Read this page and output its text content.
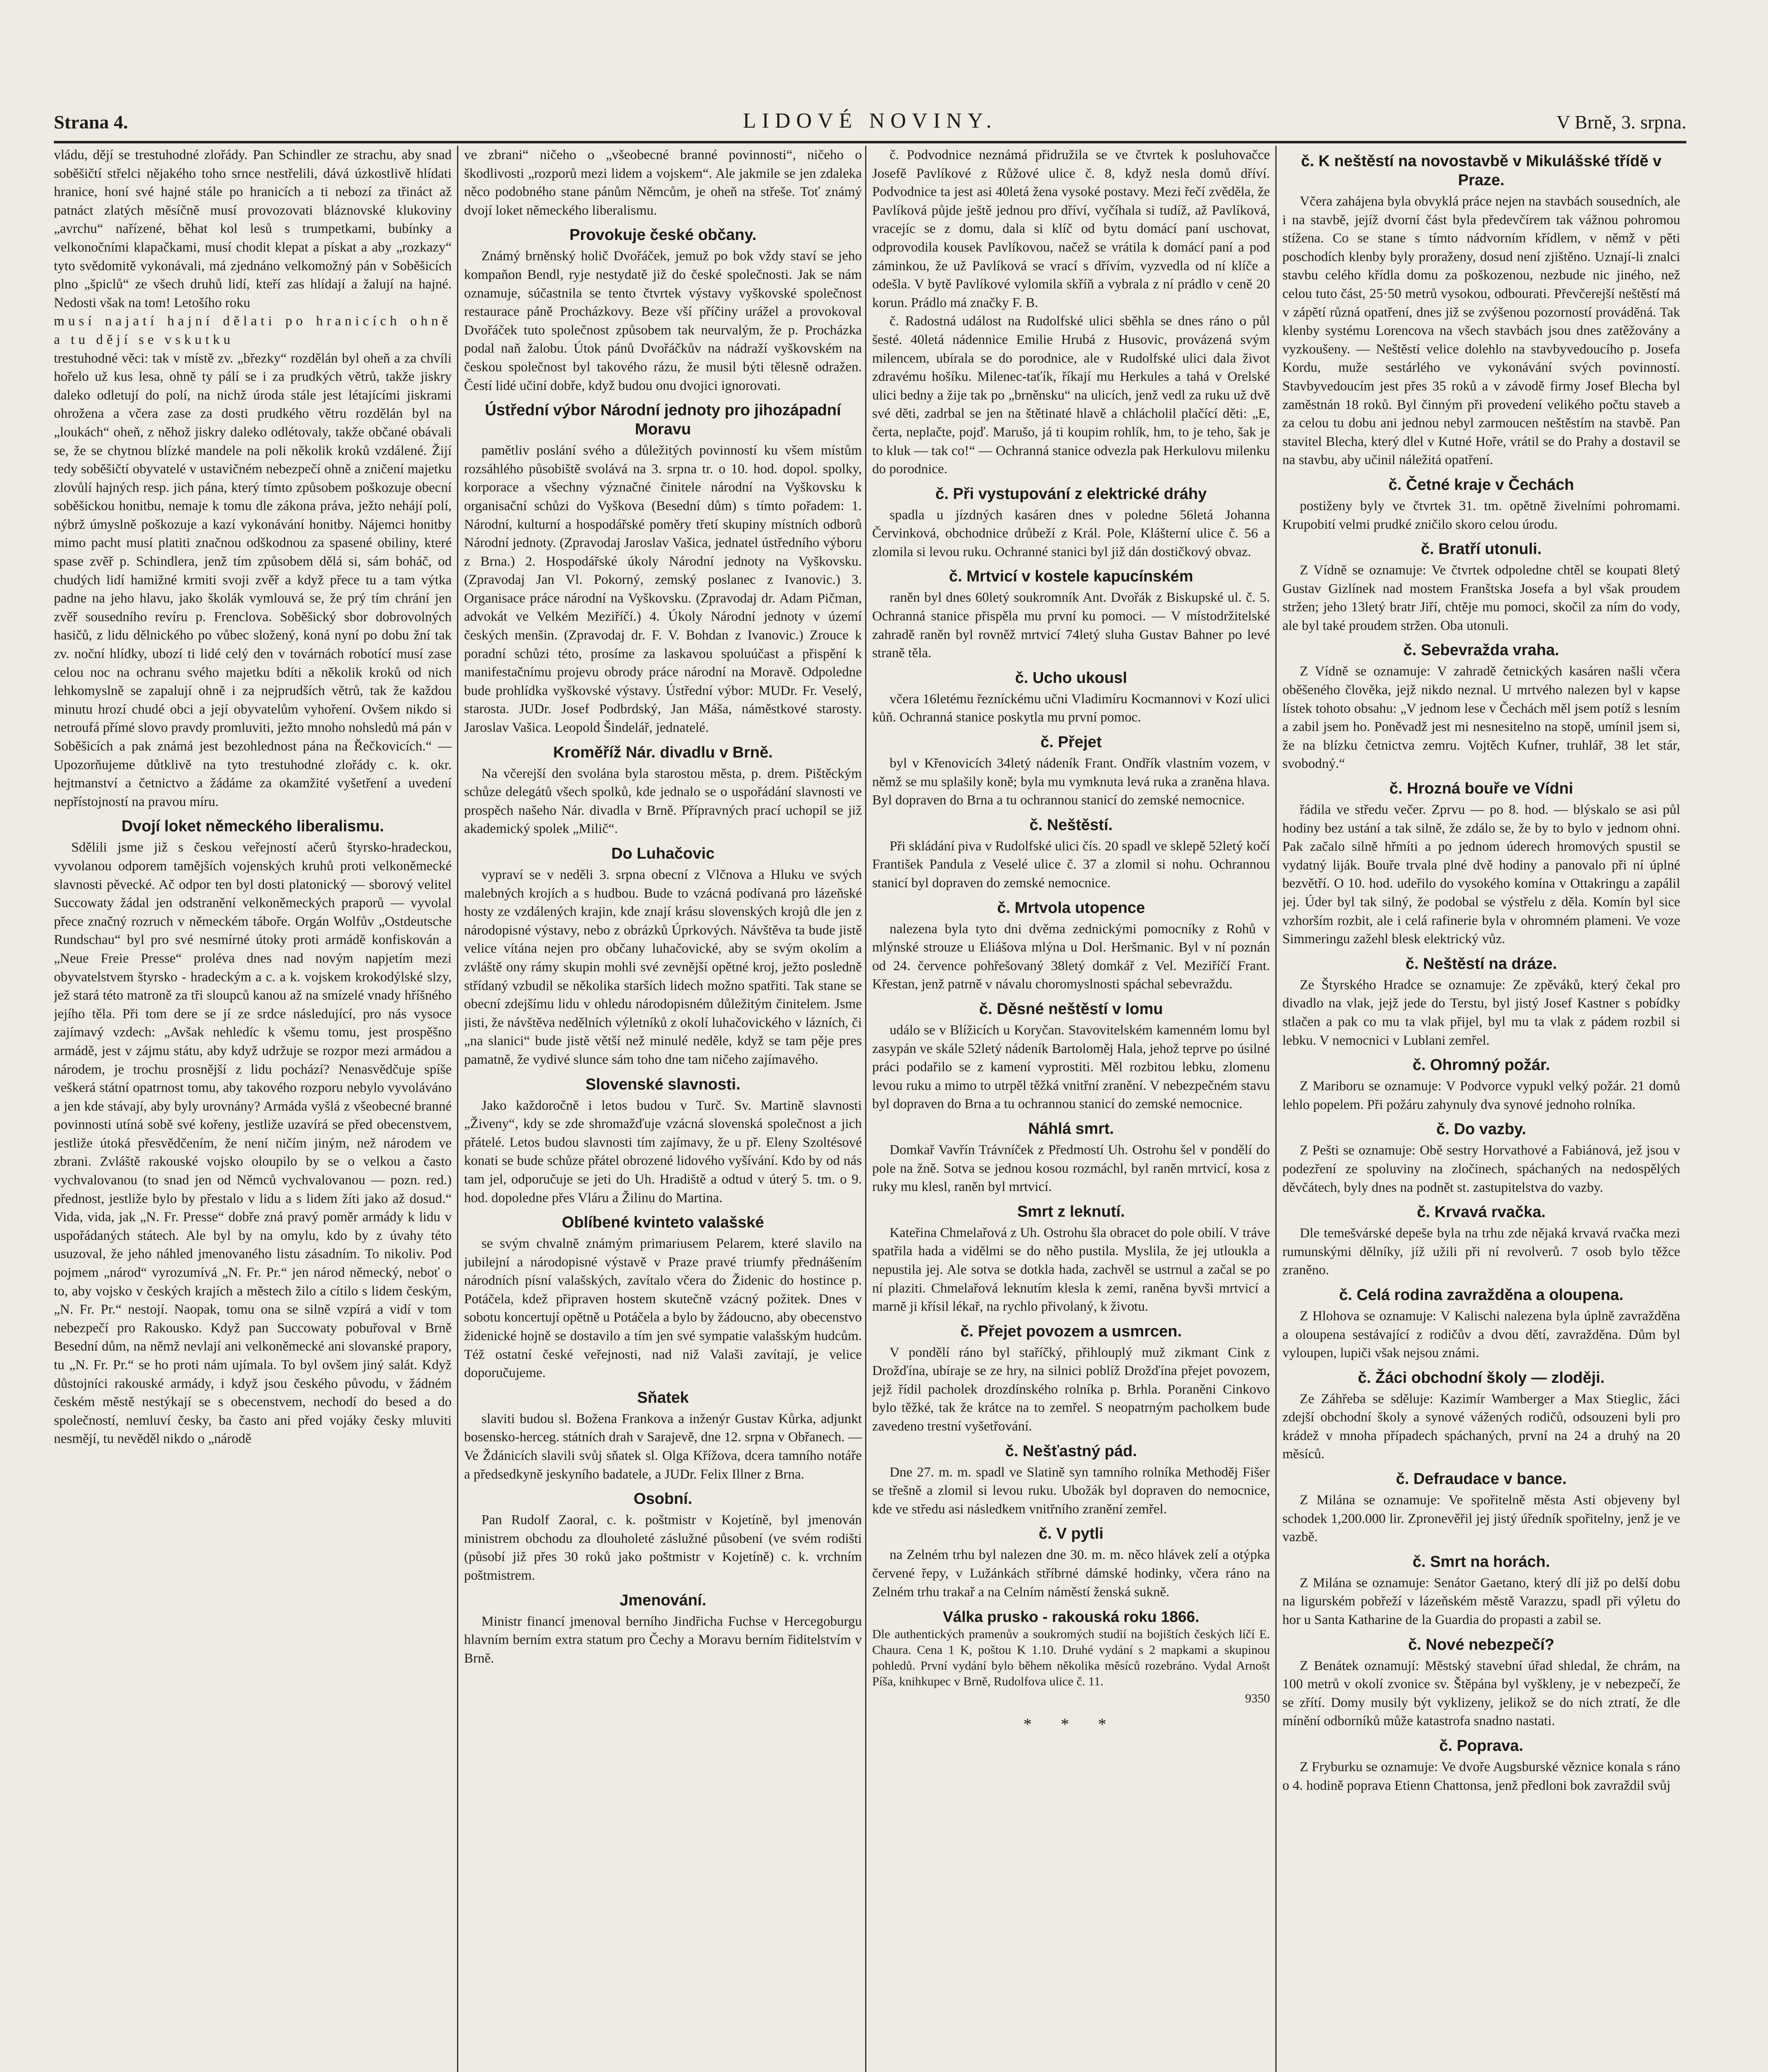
Strana 4.	LIDOVÉ NOVINY.	V Brně, 3. srpna.

vládu, dějí se trestuhodné zlořády. Pan Schindler ze strachu, aby snad soběšičtí střelci nějakého toho srnce nestřelili, dává úzkostlivě hlídati hranice, honí své hajné stále po hranicích a ti nebozí za třináct až patnáct zlatých měsíčně musí provozovati bláznovské klukoviny „avrchu“ nařízené, běhat kol lesů s trumpetkami, bubínky a velkonočními klapačkami, musí chodit klepat a pískat a aby „rozkazy“ tyto svědomitě vykonávali, má zjednáno velkomožný pán v Soběšicích plno „špiclů“ ze všech druhů lidí, kteří zas hlídají a žalují na hajné. Nedosti však na tom! Letošího roku

musí najatí hajní dělati po hranicích ohně a tu dějí se vskutku

trestuhodné věci: tak v místě zv. „březky“ rozdělán byl oheň a za chvíli hořelo už kus lesa, ohně ty pálí se i za prudkých větrů, takže jiskry daleko odletují do polí, na nichž úroda stále jest létajícími jiskrami ohrožena a včera zase za dosti prudkého větru rozdělán byl na „loukách“ oheň, z něhož jiskry daleko odlétovaly, takže občané obávali se, že se chytnou blízké mandele na poli několik kroků vzdálené. Žijí tedy soběšičtí obyvatelé v ustavičném nebezpečí ohně a zničení majetku zlovůlí hajných resp. jich pána, který tímto způsobem poškozuje obecní soběšickou honitbu, nemaje k tomu dle zákona práva, ježto nehájí polí, nýbrž úmyslně poškozuje a kazí vykonávání honitby. Nájemci honitby mimo pacht musí platiti značnou odškodnou za spasené obiliny, které spase zvěř p. Schindlera, jenž tím způsobem dělá si, sám boháč, od chudých lidí hamižné krmiti svoji zvěř a když přece tu a tam výtka padne na jeho hlavu, jako školák vymlouvá se, že prý tím chrání jen zvěř sousedního revíru p. Frenclova. Soběšický sbor dobrovolných hasičů, z lidu dělnického po vůbec složený, koná nyní po dobu žní tak zv. noční hlídky, ubozí ti lidé celý den v továrnách robotící musí zase celou noc na ochranu svého majetku bdíti a několik kroků od nich lehkomyslně se zapalují ohně i za nejprudších větrů, tak že každou minutu hrozí chudé obci a její obyvatelům vyhoření. Ovšem nikdo si netroufá přímé slovo pravdy promluviti, ježto mnoho nohsledů má pán v Soběšicích a pak známá jest bezohlednost pána na Řečkovicích.“ — Upozorňujeme důtklivě na tyto trestuhodné zlořády c. k. okr. hejtmanství a četnictvo a žádáme za okamžité vyšetření a uvedení nepřístojností na pravou míru.

Dvojí loket německého liberalismu.

Sdělili jsme již s českou veřejností ačerů štyrsko-hradeckou, vyvolanou odporem tamějších vojenských kruhů proti velkoněmecké slavnosti pěvecké. Ač odpor ten byl dosti platonický — sborový velitel Succowaty žádal jen odstranění velkoněmeckých praporů — vyvolal přece značný rozruch v německém táboře. Orgán Wolfův „Ostdeutsche Rundschau“ byl pro své nesmírné útoky proti armádě konfiskován a „Neue Freie Presse“ proléva dnes nad novým napjetím mezi obyvatelstvem štyrsko - hradeckým a c. a k. vojskem krokodýlské slzy, jež stará této matroně za tři sloupců kanou až na smízelé vnady hříšného jejího těla. Při tom dere se jí ze srdce následující, pro nás vysoce zajímavý vzdech: „Avšak nehledíc k všemu tomu, jest prospěšno armádě, jest v zájmu státu, aby když udržuje se rozpor mezi armádou a národem, je trochu prosnější z lidu pochází? Nenasvědčuje spíše veškerá státní opatrnost tomu, aby takového rozporu nebylo vyvoláváno a jen kde stávají, aby byly urovnány? Armáda vyšlá z všeobecné branné povinnosti utíná sobě své kořeny, jestliže uzavírá se před obecenstvem, jestliže útoká přesvědčením, že není ničím jiným, než národem ve zbrani. Zvláště rakouské vojsko oloupilo by se o velkou a často vychvalovanou (to snad jen od Němců vychvalovanou — pozn. red.) přednost, jestliže bylo by přestalo v lidu a s lidem žíti jako až dosud.“ Vida, vida, jak „N. Fr. Presse“ dobře zná pravý poměr armády k lidu v uspořádaných státech. Ale byl by na omylu, kdo by z úvahy této usuzoval, že jeho náhled jmenovaného listu zásadním. To nikoliv. Pod pojmem „národ“ vyrozumívá „N. Fr. Pr.“ jen národ německý, neboť o to, aby vojsko v českých krajích a městech žilo a cítilo s lidem českým, „N. Fr. Pr.“ nestojí. Naopak, tomu ona se silně vzpírá a vidí v tom nebezpečí pro Rakousko. Když pan Succowaty pobuřoval v Brně Besední dům, na němž nevlají ani velkoněmecké ani slovanské prapory, tu „N. Fr. Pr.“ se ho proti nám ujímala. To byl ovšem jiný salát. Když důstojníci rakouské armády, i když jsou českého původu, v žádném českém městě nestýkají se s obecenstvem, nechodí do besed a do společností, nemluví česky, ba často ani před vojáky česky mluviti nesmějí, tu nevěděl nikdo o „národě

ve zbrani“ ničeho o „všeobecné branné povinnosti“, ničeho o škodlivosti „rozporů mezi lidem a vojskem“. Ale jakmile se jen zdaleka něco podobného stane pánům Němcům, je oheň na střeše. Toť známý dvojí loket německého liberalismu.

Provokuje české občany.

Známý brněnský holič Dvořáček, jemuž po bok vždy staví se jeho kompaňon Bendl, ryje nestydatě již do české společnosti. Jak se nám oznamuje, súčastnila se tento čtvrtek výstavy vyškovské společnost restaurace páně Procházkovy. Beze vší příčiny urážel a provokoval Dvořáček tuto společnost způsobem tak neurvalým, že p. Procházka podal naň žalobu. Útok pánů Dvořáčkův na nádraží vyškovském na českou společnost byl takového rázu, že musil býti tělesně odražen. Čestí lidé učiní dobře, když budou onu dvojici ignorovati.

Ústřední výbor Národní jednoty pro jihozápadní Moravu

pamětliv poslání svého a důležitých povinností ku všem místům rozsáhlého působiště svolává na 3. srpna tr. o 10. hod. dopol. spolky, korporace a všechny význačné činitele národní na Vyškovsku k organisační schůzi do Vyškova (Besední dům) s tímto pořadem: 1. Národní, kulturní a hospodářské poměry třetí skupiny místních odborů Národní jednoty. (Zpravodaj Jaroslav Vašica, jednatel ústředního výboru z Brna.) 2. Hospodářské úkoly Národní jednoty na Vyškovsku. (Zpravodaj Jan Vl. Pokorný, zemský poslanec z Ivanovic.) 3. Organisace práce národní na Vyškovsku. (Zpravodaj dr. Adam Pičman, advokát ve Velkém Meziříčí.) 4. Úkoly Národní jednoty v území českých menšin. (Zpravodaj dr. F. V. Bohdan z Ivanovic.) Zrouce k poradní schůzi této, prosíme za laskavou spoluúčast a přispění k manifestačnímu projevu obrody práce národní na Moravě. Odpoledne bude prohlídka vyškovské výstavy. Ústřední výbor: MUDr. Fr. Veselý, starosta. JUDr. Josef Podbrdský, Jan Máša, náměstkové starosty. Jaroslav Vašica. Leopold Šindelář, jednatelé.

Kroměříž Nár. divadlu v Brně.

Na včerejší den svolána byla starostou města, p. drem. Pištěckým schůze delegátů všech spolků, kde jednalo se o uspořádání slavnosti ve prospěch našeho Nár. divadla v Brně. Přípravných prací uchopil se již akademický spolek „Milič“.

Do Luhačovic

vypraví se v neděli 3. srpna obecní z Vlčnova a Hluku ve svých malebných krojích a s hudbou. Bude to vzácná podívaná pro lázeňské hosty ze vzdálených krajin, kde znají krásu slovenských krojů dle jen z národopisné výstavy, nebo z obrázků Úprkových. Návštěva ta bude jistě velice vítána nejen pro občany luhačovické, aby se svým okolím a zvláště ony rámy skupin mohli své zevnější opětné kroj, ježto posledně střídaný vzbudil se několika starších lidech možno spatřiti. Tak stane se obecní zdejšímu lidu v ohledu národopisném důležitým činitelem. Jsme jisti, že návštěva nedělních výletníků z okolí luhačovického v lázních, či „na slanici“ bude jistě větší než minulé neděle, když se tam pěje pres pamatně, že vydivé slunce sám toho dne tam ničeho zajímavého.

Slovenské slavnosti.

Jako každoročně i letos budou v Turč. Sv. Martině slavnosti „Živeny“, kdy se zde shromažďuje vzácná slovenská společnost a jich přátelé. Letos budou slavnosti tím zajímavy, že u př. Eleny Szoltésové konati se bude schůze přátel obrozené lidového vyšívání. Kdo by od nás tam jel, odporučuje se jeti do Uh. Hradiště a odtud v úterý 5. tm. o 9. hod. dopoledne přes Vláru a Žilinu do Martina.

Oblíbené kvinteto valašské

se svým chvalně známým primariusem Pelarem, které slavilo na jubilejní a národopisné výstavě v Praze pravé triumfy přednášením národních písní valašských, zavítalo včera do Židenic do hostince p. Potáčela, kdež připraven hostem skutečně vzácný požitek. Dnes v sobotu koncertují opětně u Potáčela a bylo by žádoucno, aby obecenstvo židenické hojně se dostavilo a tím jen své sympatie valašským hudcům. Též ostatní české veřejnosti, nad niž Valaši zavítají, je velice doporučujeme.

Sňatek

slaviti budou sl. Božena Frankova a inženýr Gustav Kůrka, adjunkt bosensko-herceg. státních drah v Sarajevě, dne 12. srpna v Obřanech. — Ve Ždánicích slavili svůj sňatek sl. Olga Křížova, dcera tamního notáře a předsedkyně jeskyního badatele, a JUDr. Felix Illner z Brna.

Osobní.

Pan Rudolf Zaoral, c. k. poštmistr v Kojetíně, byl jmenován ministrem obchodu za dlouholeté záslužné působení (ve svém rodišti (působí již přes 30 roků jako poštmistr v Kojetíně) c. k. vrchním poštmistrem.

Jmenování.

Ministr financí jmenoval berního Jindřicha Fuchse v Hercegoburgu hlavním berním extra statum pro Čechy a Moravu berním řiditelstvím v Brně.

č. Podvodnice neznámá přidružila se ve čtvrtek k posluhovačce Josefě Pavlíkové z Růžové ulice č. 8, když nesla domů dříví. Podvodnice ta jest asi 40letá žena vysoké postavy. Mezi řečí zvěděla, že Pavlíková půjde ještě jednou pro dříví, vyčíhala si tudíž, až Pavlíková, vracejíc se z domu, dala si klíč od bytu domácí paní uschovat, odprovodila kousek Pavlíkovou, načež se vrátila k domácí paní a pod záminkou, že už Pavlíková se vrací s dřívím, vyzvedla od ní klíče a odešla. V bytě Pavlíkové vylomila skříň a vybrala z ní prádlo v ceně 20 korun. Prádlo má značky F. B.

č. Radostná událost na Rudolfské ulici sběhla se dnes ráno o půl šesté. 40letá nádennice Emilie Hrubá z Husovic, provázená svým milencem, ubírala se do porodnice, ale v Rudolfské ulici dala život zdravému hošíku. Milenec-taťík, říkají mu Herkules a tahá v Orelské ulici bedny a žije tak po „brněnsku“ na ulicích, jenž vedl za ruku už dvě své děti, zadrbal se jen na štětinaté hlavě a chlácholil plačící děti: „E, čerta, neplačte, pojď. Marušo, já ti koupim rohlík, hm, to je teho, šak je to kluk — tak co!“ — Ochranná stanice odvezla pak Herkulovu milenku do porodnice.

č. Při vystupování z elektrické dráhy

spadla u jízdných kasáren dnes v poledne 56letá Johanna Červinková, obchodnice drůbeží z Král. Pole, Klášterní ulice č. 56 a zlomila si levou ruku. Ochranné stanici byl již dán dostičkový obvaz.

č. Mrtvicí v kostele kapucínském

raněn byl dnes 60letý soukromník Ant. Dvořák z Biskupské ul. č. 5. Ochranná stanice přispěla mu první ku pomoci. — V místodržitelské zahradě raněn byl rovněž mrtvicí 74letý sluha Gustav Bahner po levé straně těla.

č. Ucho ukousl

včera 16letému řezníckému učni Vladimíru Kocmannovi v Kozí ulici kůň. Ochranná stanice poskytla mu první pomoc.

č. Přejet

byl v Křenovicích 34letý nádeník Frant. Ondřík vlastním vozem, v němž se mu splašily koně; byla mu vymknuta levá ruka a zraněna hlava. Byl dopraven do Brna a tu ochrannou stanicí do zemské nemocnice.

č. Neštěstí.

Při skládání piva v Rudolfské ulici čís. 20 spadl ve sklepě 52letý kočí František Pandula z Veselé ulice č. 37 a zlomil si nohu. Ochrannou stanicí byl dopraven do zemské nemocnice.

č. Mrtvola utopence

nalezena byla tyto dni dvěma zednickými pomocníky z Rohů v mlýnské strouze u Eliášova mlýna u Dol. Heršmanic. Byl v ní poznán od 24. července pohřešovaný 38letý domkář z Vel. Meziříčí Frant. Křestan, jenž patrně v návalu choromyslnosti spáchal sebevraždu.

č. Děsné neštěstí v lomu

událo se v Blížicích u Koryčan. Stavovitelském kamenném lomu byl zasypán ve skále 52letý nádeník Bartoloměj Hala, jehož teprve po úsilné práci podařilo se z kamení vyprostiti. Měl rozbitou lebku, zlomenu levou ruku a mimo to utrpěl těžká vnitřní zranění. V nebezpečném stavu byl dopraven do Brna a tu ochrannou stanicí do zemské nemocnice.

Náhlá smrt.

Domkař Vavřín Trávníček z Předmostí Uh. Ostrohu šel v pondělí do pole na žně. Sotva se jednou kosou rozmáchl, byl raněn mrtvicí, kosa z ruky mu klesl, raněn byl mrtvicí.

Smrt z leknutí.

Kateřina Chmelařová z Uh. Ostrohu šla obracet do pole obilí. V tráve spatřila hada a vidělmi se do něho pustila. Myslila, že jej utloukla a nepustila jej. Ale sotva se dotkla hada, zachvěl se ustrnul a začal se po ní plaziti. Chmelařová leknutím klesla k zemi, raněna byvši mrtvicí a marně ji křísil lékař, na rychlo přivolaný, k životu.

č. Přejet povozem a usmrcen.

V pondělí ráno byl staříčký, přihlouplý muž zikmant Cink z Drožďína, ubíraje se ze hry, na silnici poblíž Drožďína přejet povozem, jejž řídil pacholek drozdínského rolníka p. Brhla. Poraněni Cinkovo bylo těžké, tak že krátce na to zemřel. S neopatrným pacholkem bude zavedeno trestní vyšetřování.

č. Nešťastný pád.

Dne 27. m. m. spadl ve Slatině syn tamního rolníka Methoděj Fišer se třešně a zlomil si levou ruku. Ubožák byl dopraven do nemocnice, kde ve středu asi následkem vnitřního zranění zemřel.

č. V pytli

na Zelném trhu byl nalezen dne 30. m. m. něco hlávek zelí a otýpka červené řepy, v Lužánkách stříbrné dámské hodinky, včera ráno na Zelném trhu trakař a na Celním náměstí ženská sukně.

Válka prusko - rakouská roku 1866.

Dle authentických pramenův a soukromých studií na bojištích českých líčí E. Chaura. Cena 1 K, poštou K 1.10. Druhé vydání s 2 mapkami a skupinou pohledů. První vydání bylo během několika měsíců rozebráno. Vydal Arnošt Píša, knihkupec v Brně, Rudolfova ulice č. 11.

9350
* * *
č. K neštěstí na novostavbě v Mikulášské třídě v Praze.

Včera zahájena byla obvyklá práce nejen na stavbách sousedních, ale i na stavbě, jejíž dvorní část byla předevčírem tak vážnou pohromou stížena. Co se stane s tímto nádvorním křídlem, v němž v pěti poschodích klenby byly proraženy, dosud není zjištěno. Uznají-li znalci stavbu celého křídla domu za poškozenou, nezbude nic jiného, než celou tuto část, 25·50 metrů vysokou, odbourati. Převčerejší neštěstí má v zápětí různá opatření, dnes již se zvýšenou pozorností prováděná. Tak klenby systému Lorencova na všech stavbách jsou dnes zatěžovány a vyzkoušeny. — Neštěstí velice dolehlo na stavbyvedoucího p. Josefa Kordu, muže sestárlého ve vykonávání svých povinností. Stavbyvedoucím jest přes 35 roků a v závodě firmy Josef Blecha byl zaměstnán 18 roků. Byl činným při provedení velikého počtu staveb a za celou tu dobu ani jednou nebyl zarmoucen neštěstím na stavbě. Pan stavitel Blecha, který dlel v Kutné Hoře, vrátil se do Prahy a dostavil se na stavbu, aby učinil náležitá opatření.

č. Četné kraje v Čechách

postiženy byly ve čtvrtek 31. tm. opětně živelními pohromami. Krupobití velmi prudké zničilo skoro celou úrodu.

č. Bratří utonuli.

Z Vídně se oznamuje: Ve čtvrtek odpoledne chtěl se koupati 8letý Gustav Gizlínek nad mostem Franštska Josefa a byl však proudem stržen; jeho 13letý bratr Jiří, chtěje mu pomoci, skočil za ním do vody, ale byl také proudem stržen. Oba utonuli.

č. Sebevražda vraha.

Z Vídně se oznamuje: V zahradě četnických kasáren našli včera oběšeného člověka, jejž nikdo neznal. U mrtvého nalezen byl v kapse lístek tohoto obsahu: „V jednom lese v Čechách měl jsem potíž s lesním a zabil jsem ho. Poněvadž jest mi nesnesitelno na stopě, umínil jsem si, že na blízku četnictva zemru. Vojtěch Kufner, truhlář, 38 let stár, svobodný.“

č. Hrozná bouře ve Vídni

řádila ve středu večer. Zprvu — po 8. hod. — blýskalo se asi půl hodiny bez ustání a tak silně, že zdálo se, že by to bylo v jednom ohni. Pak začalo silně hřmíti a po jednom úderech hromových spustil se vydatný liják. Bouře trvala plné dvě hodiny a panovalo při ní úplné bezvětří. O 10. hod. udeřilo do vysokého komína v Ottakringu a zapálil jej. Úder byl tak silný, že podobal se výstřelu z děla. Komín byl sice vzhorším rozbit, ale i celá rafinerie byla v ohromném plameni. Ve voze Simmeringu zažehl blesk elektrický vůz.

č. Neštěstí na dráze.

Ze Štyrského Hradce se oznamuje: Ze zpěváků, který čekal pro divadlo na vlak, jejž jede do Terstu, byl jistý Josef Kastner s pobídky stlačen a pak co mu ta vlak přijel, byl mu ta vlak z pádem rozbil si lebku. V nemocnici v Lublani zemřel.

č. Ohromný požár.

Z Mariboru se oznamuje: V Podvorce vypukl velký požár. 21 domů lehlo popelem. Při požáru zahynuly dva synové jednoho rolníka.

č. Do vazby.

Z Pešti se oznamuje: Obě sestry Horvathové a Fabiánová, jež jsou v podezření ze spoluviny na zločinech, spáchaných na nedospělých děvčátech, byly dnes na podnět st. zastupitelstva do vazby.

č. Krvavá rvačka.

Dle temešvárské depeše byla na trhu zde nějaká krvavá rvačka mezi rumunskými dělníky, jíž užili při ní revolverů. 7 osob bylo těžce zraněno.

č. Celá rodina zavražděna a oloupena.

Z Hlohova se oznamuje: V Kalischi nalezena byla úplně zavražděna a oloupena sestávající z rodičův a dvou dětí, zavražděna. Dům byl vyloupen, lupiči však nejsou známi.

č. Žáci obchodní školy — zloději.

Ze Záhřeba se sděluje: Kazimír Wamberger a Max Stieglic, žáci zdejší obchodní školy a synové vážených rodičů, odsouzeni byli pro krádež v mnoha případech spáchaných, první na 24 a druhý na 20 měsíců.

č. Defraudace v bance.

Z Milána se oznamuje: Ve spořitelně města Asti objeveny byl schodek 1,200.000 lir. Zpronevěřil jej jistý úředník spořitelny, jenž je ve vazbě.

č. Smrt na horách.

Z Milána se oznamuje: Senátor Gaetano, který dlí již po delší dobu na ligurském pobřeží v lázeňském městě Varazzu, spadl při výletu do hor u Santa Katharine de la Guardia do propasti a zabil se.

č. Nové nebezpečí?

Z Benátek oznamují: Městský stavební úřad shledal, že chrám, na 100 metrů v okolí zvonice sv. Štěpána byl vyškleny, je v nebezpečí, že se zřítí. Domy musily být vyklizeny, jelikož se do nich ztratí, že dle mínění odborníků může katastrofa snadno nastati.

č. Poprava.

Z Fryburku se oznamuje: Ve dvoře Augsburské věznice konala s ráno o 4. hodině poprava Etienn Chattonsa, jenž předloni bok zavraždil svůj
